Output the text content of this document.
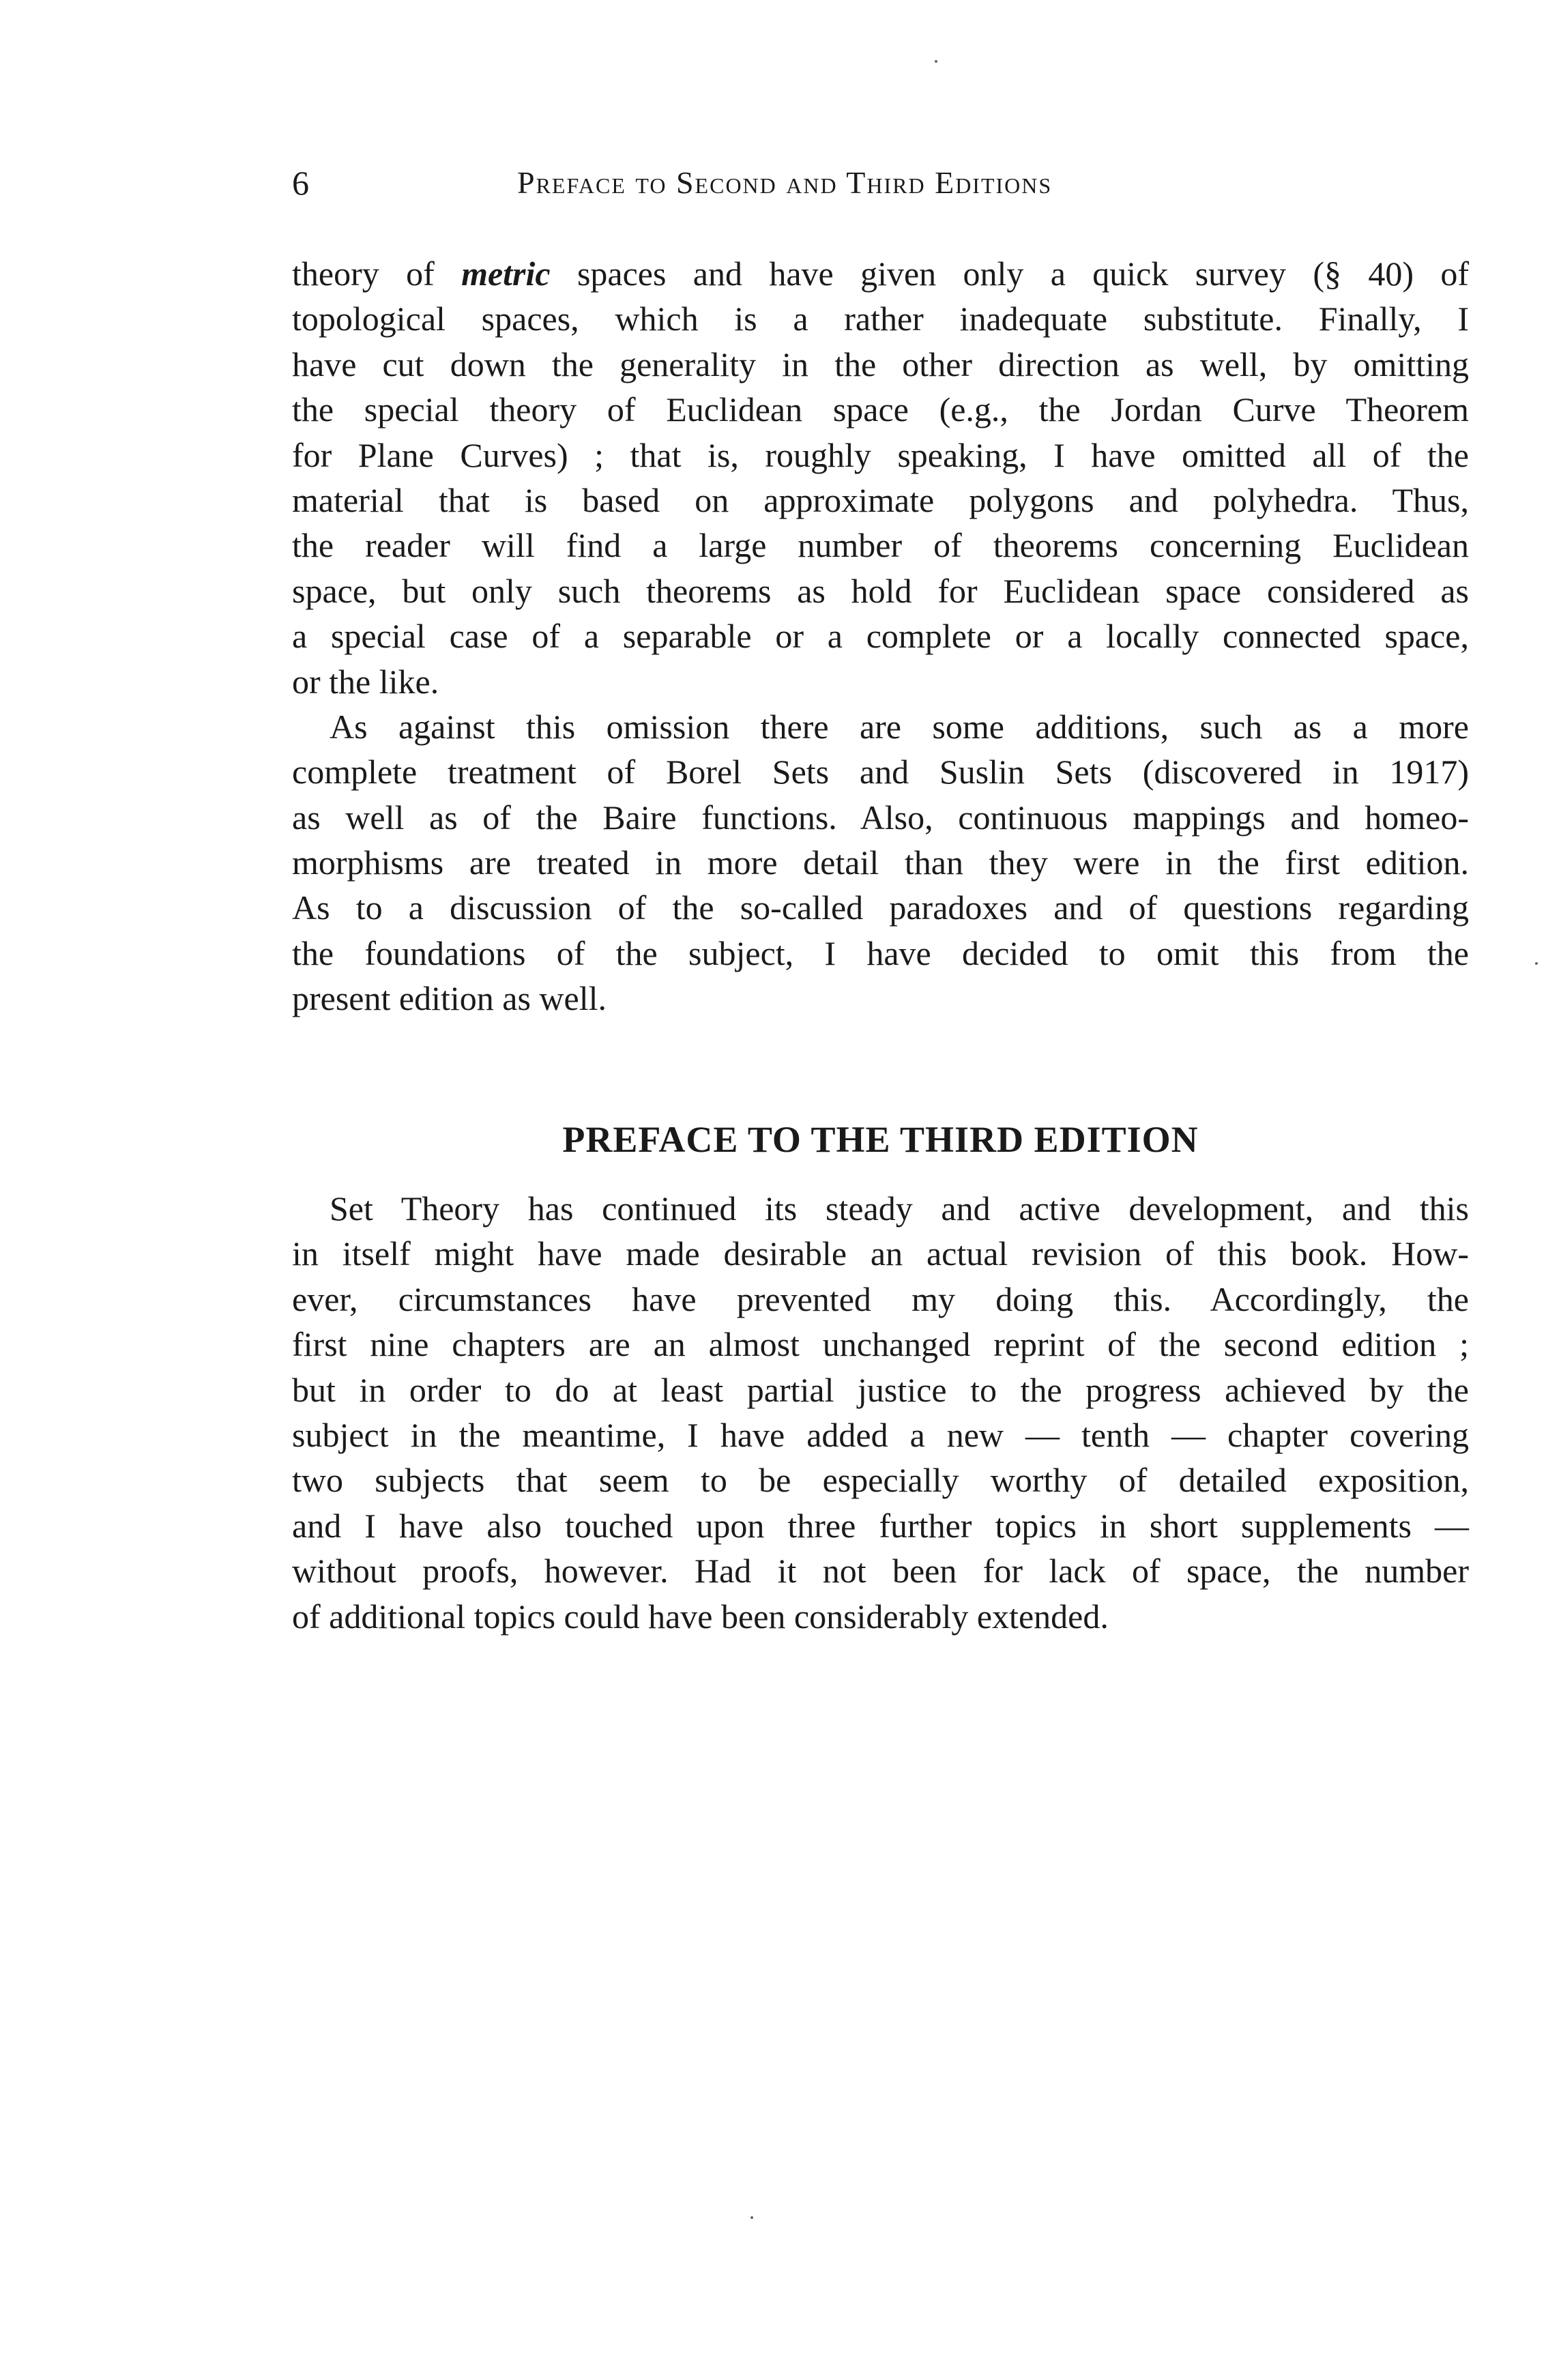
6	Preface to Second and Third Editions
theory of metric spaces and have given only a quick survey (§ 40) of
topological spaces, which is a rather inadequate substitute. Finally, I
have cut down the generality in the other direction as well, by omitting
the special theory of Euclidean space (e.g., the Jordan Curve Theorem
for Plane Curves) ; that is, roughly speaking, I have omitted all of the
material that is based on approximate polygons and polyhedra. Thus,
the reader will find a large number of theorems concerning Euclidean
space, but only such theorems as hold for Euclidean space considered as
a special case of a separable or a complete or a locally connected space,
or the like.
As against this omission there are some additions, such as a more
complete treatment of Borel Sets and Suslin Sets (discovered in 1917)
as well as of the Baire functions. Also, continuous mappings and homeo-
morphisms are treated in more detail than they were in the first edition.
As to a discussion of the so-called paradoxes and of questions regarding
the foundations of the subject, I have decided to omit this from the
present edition as well.
PREFACE TO THE THIRD EDITION
Set Theory has continued its steady and active development, and this
in itself might have made desirable an actual revision of this book. How-
ever, circumstances have prevented my doing this. Accordingly, the
first nine chapters are an almost unchanged reprint of the second edition ;
but in order to do at least partial justice to the progress achieved by the
subject in the meantime, I have added a new — tenth — chapter covering
two subjects that seem to be especially worthy of detailed exposition,
and I have also touched upon three further topics in short supplements —
without proofs, however. Had it not been for lack of space, the number
of additional topics could have been considerably extended.
